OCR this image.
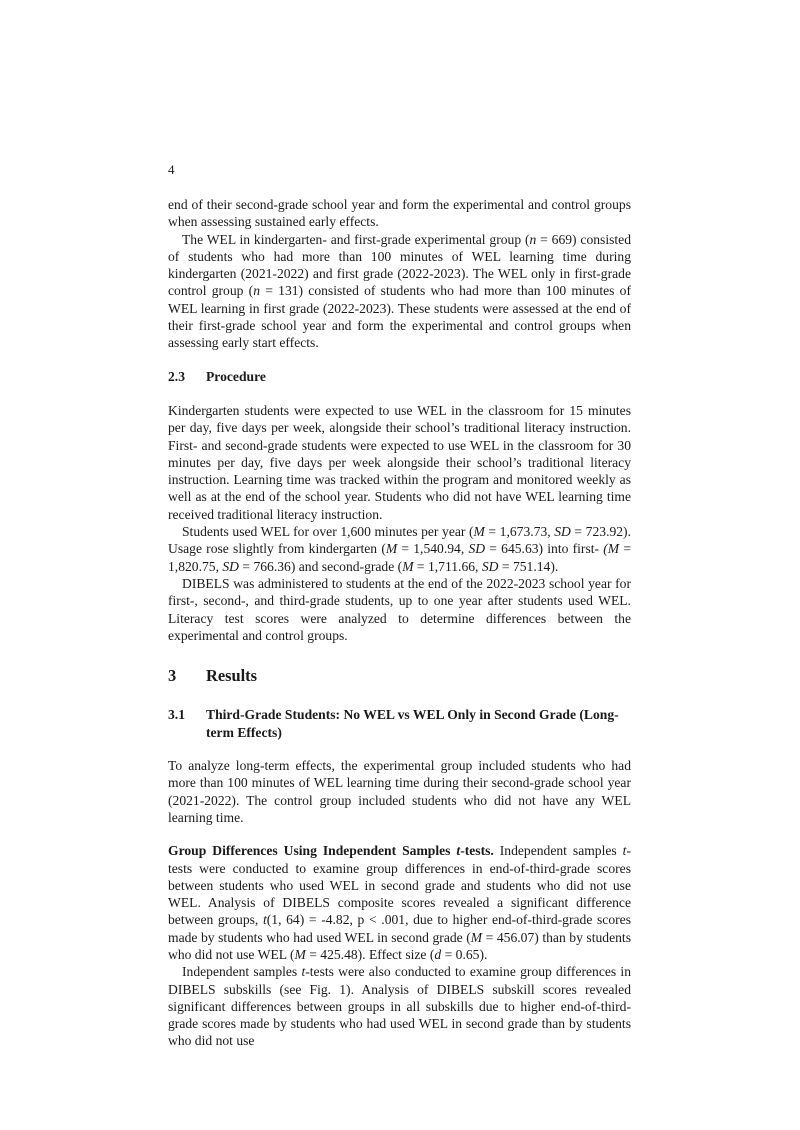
4

end of their second-grade school year and form the experimental and control groups when assessing sustained early effects.

The WEL in kindergarten- and first-grade experimental group (n = 669) consisted of students who had more than 100 minutes of WEL learning time during kindergarten (2021-2022) and first grade (2022-2023). The WEL only in first-grade control group (n = 131) consisted of students who had more than 100 minutes of WEL learning in first grade (2022-2023). These students were assessed at the end of their first-grade school year and form the experimental and control groups when assessing early start effects.

2.3	Procedure

Kindergarten students were expected to use WEL in the classroom for 15 minutes per day, five days per week, alongside their school’s traditional literacy instruction. First- and second-grade students were expected to use WEL in the classroom for 30 minutes per day, five days per week alongside their school’s traditional literacy instruction. Learning time was tracked within the program and monitored weekly as well as at the end of the school year. Students who did not have WEL learning time received traditional literacy instruction.

Students used WEL for over 1,600 minutes per year (M = 1,673.73, SD = 723.92). Usage rose slightly from kindergarten (M = 1,540.94, SD = 645.63) into first- (M = 1,820.75, SD = 766.36) and second-grade (M = 1,711.66, SD = 751.14).

DIBELS was administered to students at the end of the 2022-2023 school year for first-, second-, and third-grade students, up to one year after students used WEL. Literacy test scores were analyzed to determine differences between the experimental and control groups.

3	Results
3.1	Third-Grade Students: No WEL vs WEL Only in Second Grade (Long-term Effects)

To analyze long-term effects, the experimental group included students who had more than 100 minutes of WEL learning time during their second-grade school year (2021-2022). The control group included students who did not have any WEL learning time.

Group Differences Using Independent Samples t-tests. Independent samples t-tests were conducted to examine group differences in end-of-third-grade scores between students who used WEL in second grade and students who did not use WEL. Analysis of DIBELS composite scores revealed a significant difference between groups, t(1, 64) = -4.82, p < .001, due to higher end-of-third-grade scores made by students who had used WEL in second grade (M = 456.07) than by students who did not use WEL (M = 425.48). Effect size (d = 0.65).

Independent samples t-tests were also conducted to examine group differences in DIBELS subskills (see Fig. 1). Analysis of DIBELS subskill scores revealed significant differences between groups in all subskills due to higher end-of-third-grade scores made by students who had used WEL in second grade than by students who did not use
